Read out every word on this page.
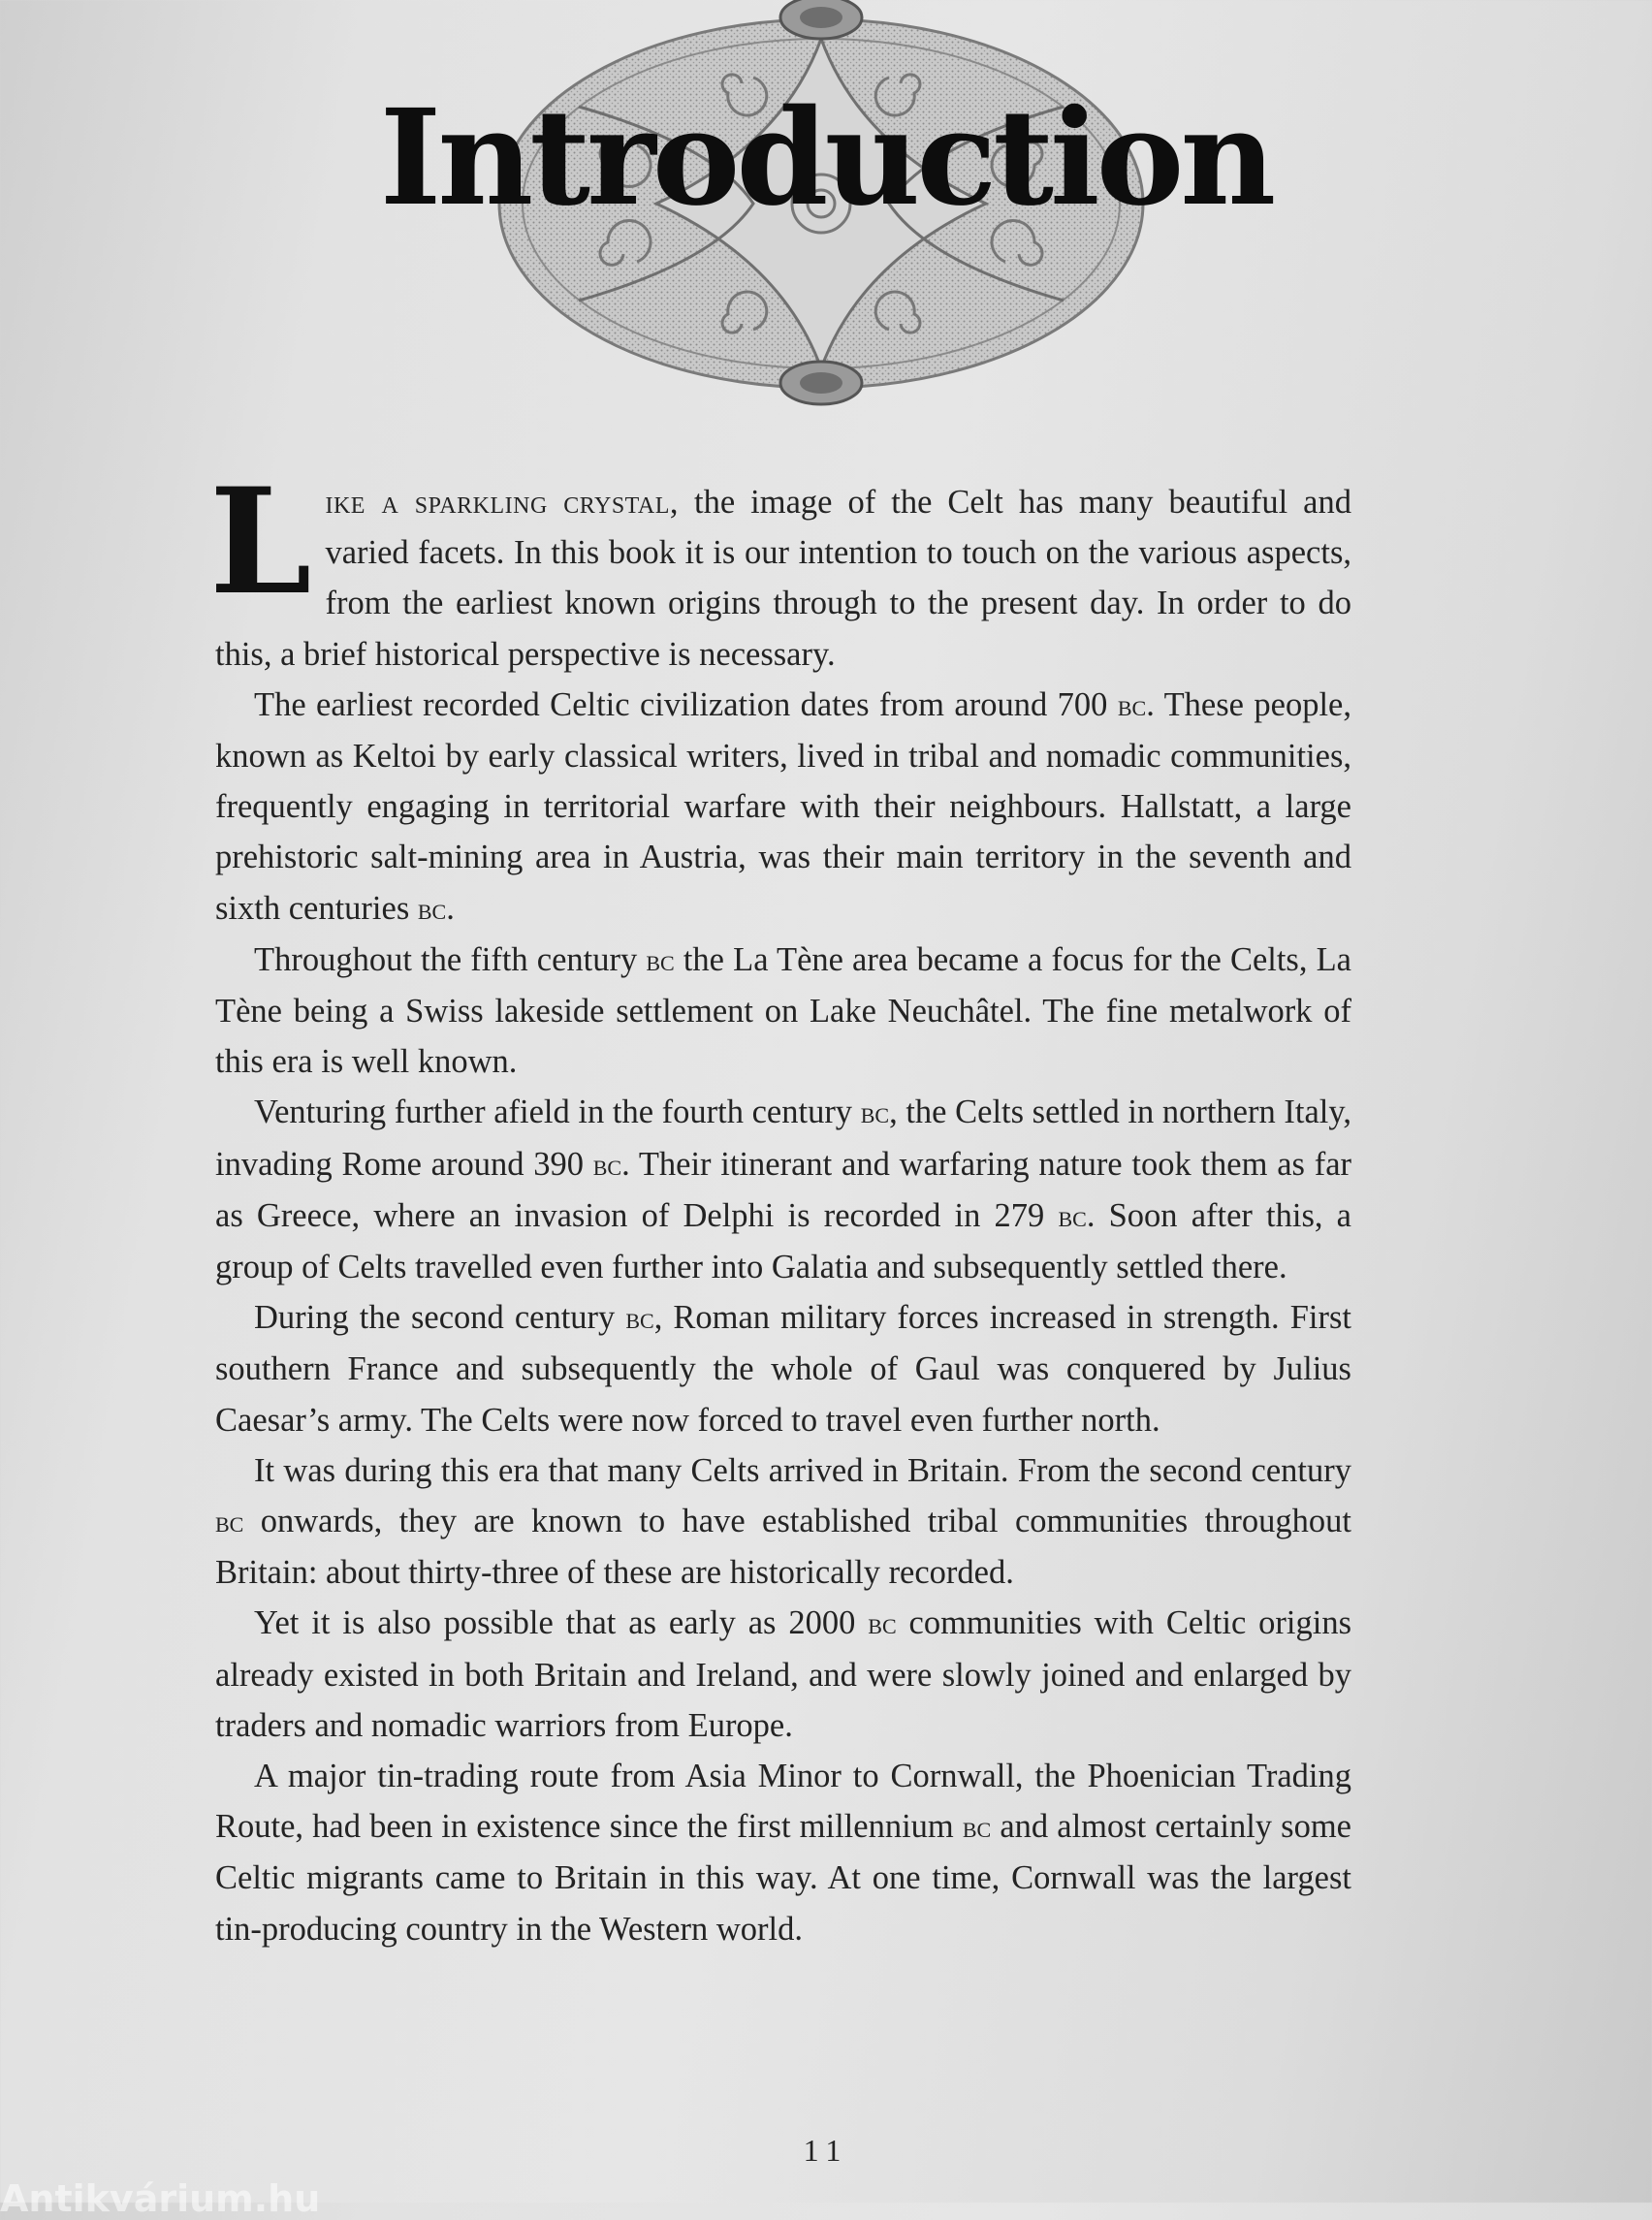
Introduction

Like a sparkling crystal, the image of the Celt has many beautiful and varied facets. In this book it is our intention to touch on the various aspects, from the earliest known origins through to the present day. In order to do this, a brief historical perspective is necessary.

The earliest recorded Celtic civilization dates from around 700 bc. These people, known as Keltoi by early classical writers, lived in tribal and nomadic communities, frequently engaging in territorial warfare with their neighbours. Hallstatt, a large prehistoric salt-mining area in Austria, was their main territory in the seventh and sixth centuries bc.

Throughout the fifth century bc the La Tène area became a focus for the Celts, La Tène being a Swiss lakeside settlement on Lake Neuchâtel. The fine metalwork of this era is well known.

Venturing further afield in the fourth century bc, the Celts settled in northern Italy, invading Rome around 390 bc. Their itinerant and warfaring nature took them as far as Greece, where an invasion of Delphi is recorded in 279 bc. Soon after this, a group of Celts travelled even further into Galatia and subsequently settled there.

During the second century bc, Roman military forces increased in strength. First southern France and subsequently the whole of Gaul was conquered by Julius Caesar’s army. The Celts were now forced to travel even further north.

It was during this era that many Celts arrived in Britain. From the second century bc onwards, they are known to have established tribal communities throughout Britain: about thirty-three of these are historically recorded.

Yet it is also possible that as early as 2000 bc communities with Celtic origins already existed in both Britain and Ireland, and were slowly joined and enlarged by traders and nomadic warriors from Europe.

A major tin-trading route from Asia Minor to Cornwall, the Phoenician Trading Route, had been in existence since the first millennium bc and almost certainly some Celtic migrants came to Britain in this way. At one time, Cornwall was the largest tin-producing country in the Western world.

11

Antikvárium.hu
